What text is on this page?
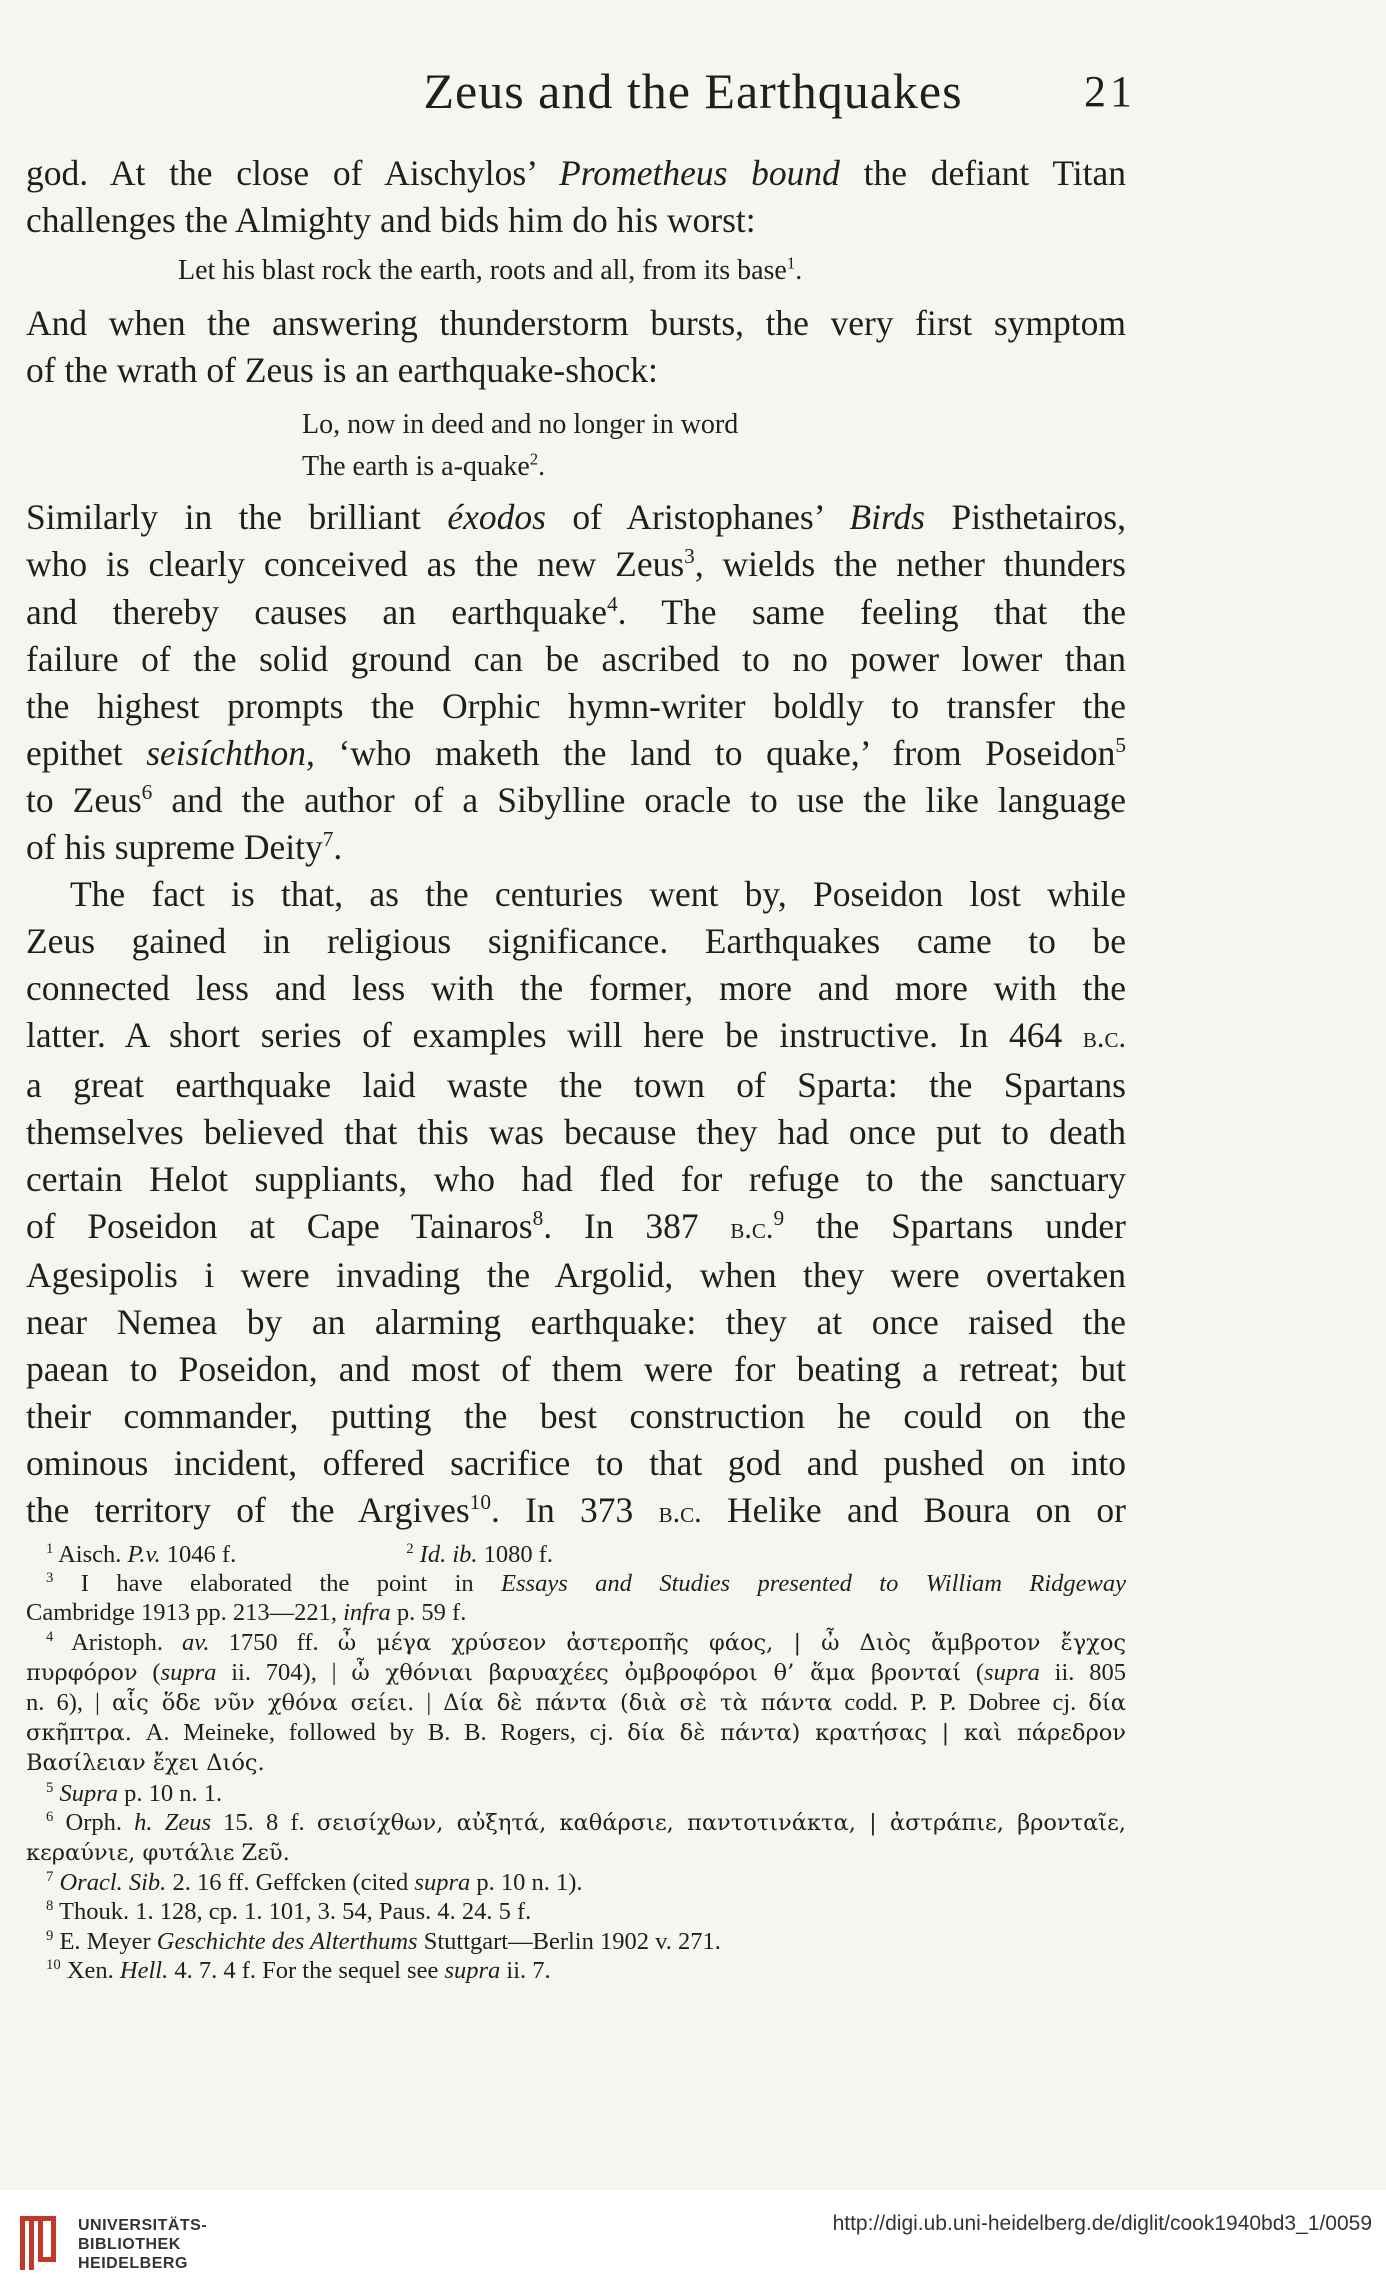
Zeus and the Earthquakes	21
god. At the close of Aischylos’ Prometheus bound the defiant Titan
challenges the Almighty and bids him do his worst:
Let his blast rock the earth, roots and all, from its base$^1$.
And when the answering thunderstorm bursts, the very first symptom
of the wrath of Zeus is an earthquake-shock:
Lo, now in deed and no longer in word
The earth is a-quake$^2$.
Similarly in the brilliant éxodos of Aristophanes’ Birds Pisthetairos,
who is clearly conceived as the new Zeus$^3$, wields the nether thunders
and thereby causes an earthquake$^4$. The same feeling that the
failure of the solid ground can be ascribed to no power lower than
the highest prompts the Orphic hymn-writer boldly to transfer the
epithet seisíchthon, ‘who maketh the land to quake,’ from Poseidon$^5$
to Zeus$^6$ and the author of a Sibylline oracle to use the like language
of his supreme Deity$^7$.
The fact is that, as the centuries went by, Poseidon lost while
Zeus gained in religious significance. Earthquakes came to be
connected less and less with the former, more and more with the
latter. A short series of examples will here be instructive. In 464 b.c.
a great earthquake laid waste the town of Sparta: the Spartans
themselves believed that this was because they had once put to death
certain Helot suppliants, who had fled for refuge to the sanctuary
of Poseidon at Cape Tainaros$^8$. In 387 b.c.$^9$ the Spartans under
Agesipolis i were invading the Argolid, when they were overtaken
near Nemea by an alarming earthquake: they at once raised the
paean to Poseidon, and most of them were for beating a retreat; but
their commander, putting the best construction he could on the
ominous incident, offered sacrifice to that god and pushed on into
the territory of the Argives$^{10}$. In 373 b.c. Helike and Boura on or
$^1$ Aisch. P.v. 1046 f.	$^2$ Id. ib. 1080 f.
$^3$ I have elaborated the point in Essays and Studies presented to William Ridgeway
Cambridge 1913 pp. 213—221, infra p. 59 f.
$^4$ Aristoph. av. 1750 ff. ὦ μέγα χρύσεον ἀστεροπῆς φάος, | ὦ Διὸς ἄμβροτον ἔγχος
πυρφόρον (supra ii. 704), | ὦ χθόνιαι βαρυαχέες ὀμβροφόροι θ’ ἅμα βρονταί (supra ii. 805
n. 6), | αἷς ὅδε νῦν χθόνα σείει. | Δία δὲ πάντα (διὰ σὲ τὰ πάντα codd. P. P. Dobree cj. δία
σκῆπτρα. A. Meineke, followed by B. B. Rogers, cj. δία δὲ πάντα) κρατήσας | καὶ πάρεδρον
Βασίλειαν ἔχει Διός.
$^5$ Supra p. 10 n. 1.
$^6$ Orph. h. Zeus 15. 8 f. σεισίχθων, αὐξητά, καθάρσιε, παντοτινάκτα, | ἀστράπιε, βρονταῖε,
κεραύνιε, φυτάλιε Ζεῦ.
$^7$ Oracl. Sib. 2. 16 ff. Geffcken (cited supra p. 10 n. 1).
$^8$ Thouk. 1. 128, cp. 1. 101, 3. 54, Paus. 4. 24. 5 f.
$^9$ E. Meyer Geschichte des Alterthums Stuttgart—Berlin 1902 v. 271.
$^{10}$ Xen. Hell. 4. 7. 4 f. For the sequel see supra ii. 7.
UNIVERSITÄTS-
BIBLIOTHEK
HEIDELBERG
http://digi.ub.uni-heidelberg.de/diglit/cook1940bd3_1/0059
